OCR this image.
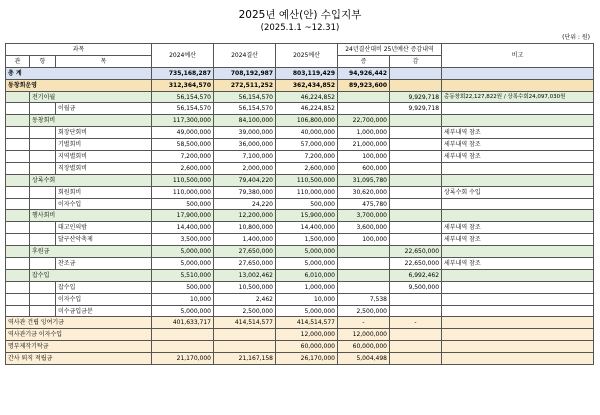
2025년 예산(안) 수입지부
(2025.1.1 ~12.31)
(단위 : 원)
과목			2024예산	2024결산	2025예산	24년결산대비 25년예산 증감내역		비고
관	항	목				증	감	
총 계			735,168,287	708,192,987	803,119,429	94,926,442		
동창회운영			312,364,570	272,511,252	362,434,852	89,923,600		
	전기이월		56,154,570	56,154,570	46,224,852		9,929,718	총동창회22,127,822원 / 상록수회24,097,030원
		이월금	56,154,570	56,154,570	46,224,852		9,929,718	
	동창회비		117,300,000	84,100,000	106,800,000	22,700,000		
		회장단회비	49,000,000	39,000,000	40,000,000	1,000,000		세부내역 참조
		기별회비	58,500,000	36,000,000	57,000,000	21,000,000		세부내역 참조
		지역별회비	7,200,000	7,100,000	7,200,000	100,000		세부내역 참조
		직장별회비	2,600,000	2,000,000	2,600,000	600,000		
	상록수회		110,500,000	79,404,220	110,500,000	31,095,780		
		회원회비	110,000,000	79,380,000	110,000,000	30,620,000		상록수회 수입
		이자수입	500,000	24,220	500,000	475,780		
	행사회비		17,900,000	12,200,000	15,900,000	3,700,000		
		대고인의밤	14,400,000	10,800,000	14,400,000	3,600,000		세부내역 참조
		달구산악축제	3,500,000	1,400,000	1,500,000	100,000		세부내역 참조
	후원금		5,000,000	27,650,000	5,000,000		22,650,000	
		찬조금	5,000,000	27,650,000	5,000,000		22,650,000	세부내역 참조
	잡수입		5,510,000	13,002,462	6,010,000		6,992,462	
		잡수입	500,000	10,500,000	1,000,000		9,500,000	
		이자수입	10,000	2,462	10,000	7,538		
		미수금입금분	5,000,000	2,500,000	5,000,000	2,500,000		
역사관 건립 잉여기금			401,633,717	414,514,577	414,514,577	-	-	
역사관기금 이자수입					12,000,000	12,000,000		
명부제작기탁금					60,000,000	60,000,000		
간사 퇴직 적립금			21,170,000	21,167,158	26,170,000	5,004,498		
